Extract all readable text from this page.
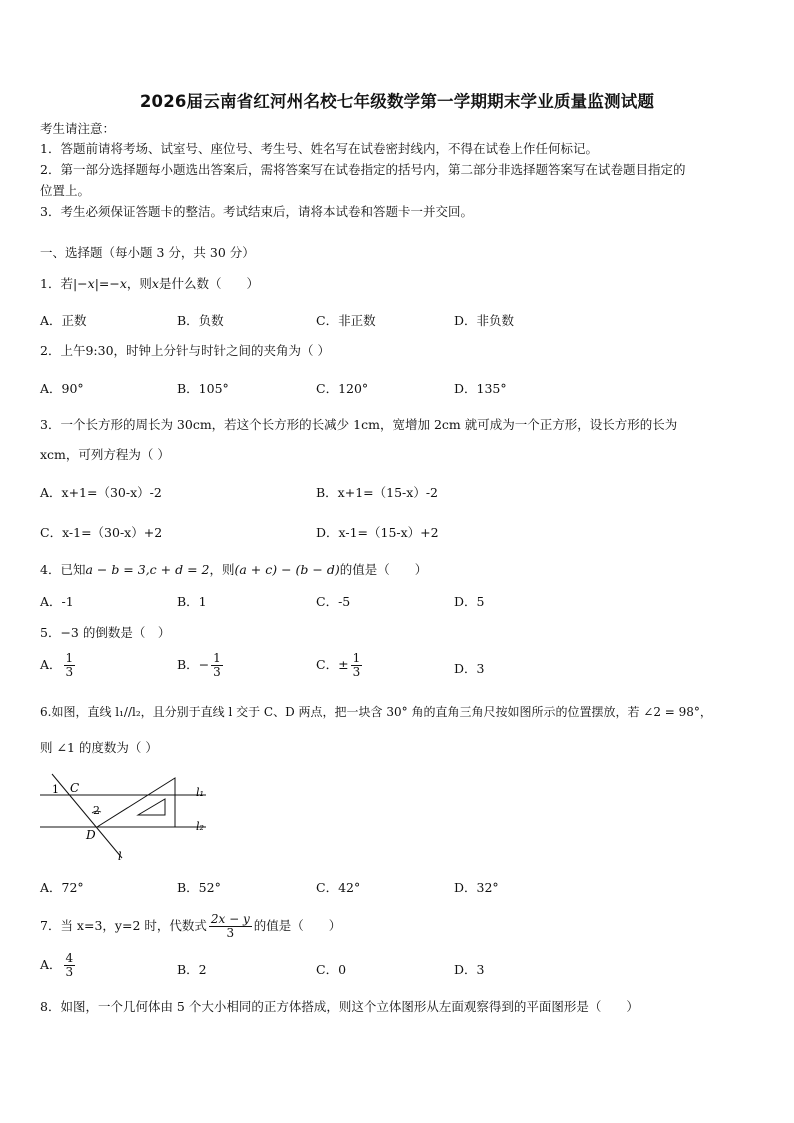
2026届云南省红河州名校七年级数学第一学期期末学业质量监测试题
考生请注意：
1．答题前请将考场、试室号、座位号、考生号、姓名写在试卷密封线内，不得在试卷上作任何标记。
2．第一部分选择题每小题选出答案后，需将答案写在试卷指定的括号内，第二部分非选择题答案写在试卷题目指定的
位置上。
3．考生必须保证答题卡的整洁。考试结束后，请将本试卷和答题卡一并交回。
一、选择题（每小题 3 分，共 30 分）
1．若|−x|=−x，则x是什么数（　　）
A．正数	B．负数	C．非正数	D．非负数
2．上午9:30，时钟上分针与时针之间的夹角为（ ）
A．90°	B．105°	C．120°	D．135°
3．一个长方形的周长为 30cm，若这个长方形的长减少 1cm，宽增加 2cm 就可成为一个正方形，设长方形的长为
xcm，可列方程为（ ）
A．x+1=（30-x）-2	B．x+1=（15-x）-2
C．x-1=（30-x）+2	D．x-1=（15-x）+2
4．已知a − b = 3,c + d = 2，则(a + c) − (b − d)的值是（　　）
A．-1	B．1	C．-5	D．5
5．−3 的倒数是（　）
A． $\frac{1}{3}$	B．− $\frac{1}{3}$	C．± $\frac{1}{3}$	D．3
6.如图，直线 l₁//l₂，且分别于直线 l 交于 C、D 两点，把一块含 30° 角的直角三角尺按如图所示的位置摆放，若 ∠2 = 98°，
则 ∠1 的度数为（ ）
1 C
2
D
l
l₁
l₂
A．72°	B．52°	C．42°	D．32°
7．当 x=3，y=2 时，代数式 $\frac{2x - y}{3}$ 的值是（　　）
A． $\frac{4}{3}$	B．2	C．0	D．3
8．如图，一个几何体由 5 个大小相同的正方体搭成，则这个立体图形从左面观察得到的平面图形是（　　）
